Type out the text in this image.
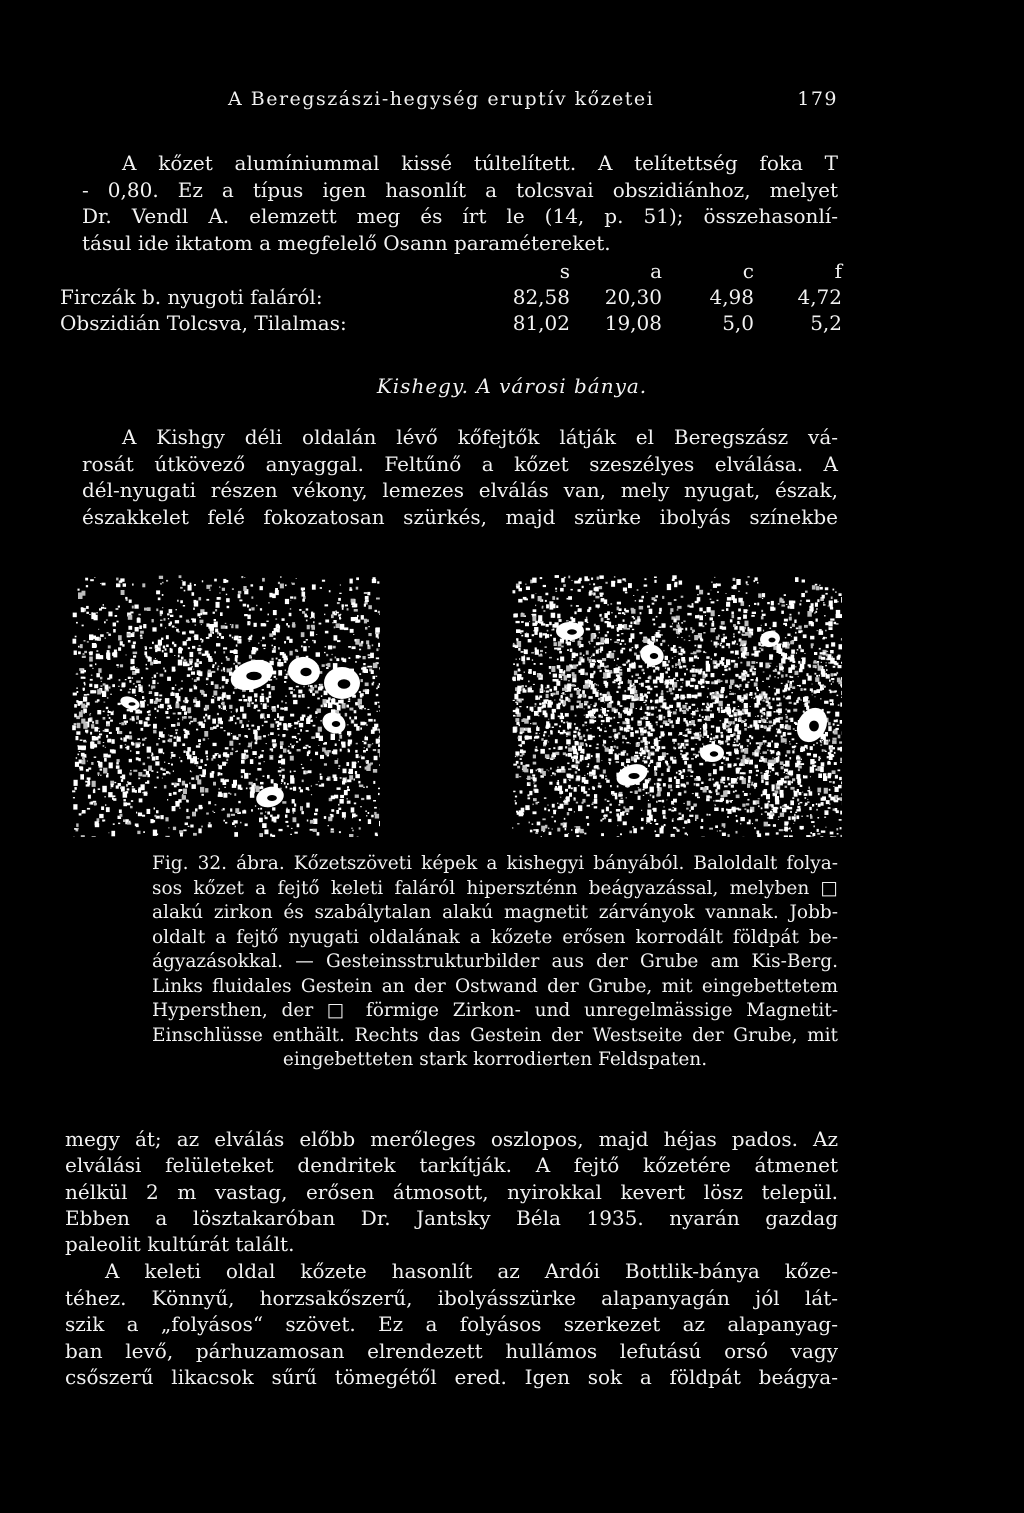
A Beregszászi-hegység eruptív kőzetei	179

A kőzet alumíniummal kissé túltelített. A telítettség foka T

- 0,80. Ez a típus igen hasonlít a tolcsvai obszidiánhoz, melyet

Dr. Vendl A. elemzett meg és írt le (14, p. 51); összehasonlí-

tásul ide iktatom a megfelelő Osann paramétereket.

	s	a	c	f
Firczák b. nyugoti faláról:	82,58	20,30	4,98	4,72
Obszidián Tolcsva, Tilalmas:	81,02	19,08	5,0	5,2
Kishegy. A városi bánya.

A Kishgy déli oldalán lévő kőfejtők látják el Beregszász vá-

rosát útkövező anyaggal. Feltűnő a kőzet szeszélyes elválása. A

dél-nyugati részen vékony, lemezes elválás van, mely nyugat, észak,

északkelet felé fokozatosan szürkés, majd szürke ibolyás színekbe

Fig. 32. ábra. Kőzetszöveti képek a kishegyi bányából. Baloldalt folya-

sos kőzet a fejtő keleti faláról hiperszténn beágyazással, melyben □

alakú zirkon és szabálytalan alakú magnetit zárványok vannak. Jobb-

oldalt a fejtő nyugati oldalának a kőzete erősen korrodált földpát be-

ágyazásokkal. — Gesteinsstrukturbilder aus der Grube am Kis-Berg.

Links fluidales Gestein an der Ostwand der Grube, mit eingebettetem

Hypersthen, der □ förmige Zirkon- und unregelmässige Magnetit-

Einschlüsse enthält. Rechts das Gestein der Westseite der Grube, mit

eingebetteten stark korrodierten Feldspaten.

megy át; az elválás előbb merőleges oszlopos, majd héjas pados. Az

elválási felületeket dendritek tarkítják. A fejtő kőzetére átmenet

nélkül 2 m vastag, erősen átmosott, nyirokkal kevert lösz települ.

Ebben a lösztakaróban Dr. Jantsky Béla 1935. nyarán gazdag

paleolit kultúrát talált.

A keleti oldal kőzete hasonlít az Ardói Bottlik-bánya kőze-

téhez. Könnyű, horzsakőszerű, ibolyásszürke alapanyagán jól lát-

szik a „folyásos“ szövet. Ez a folyásos szerkezet az alapanyag-

ban levő, párhuzamosan elrendezett hullámos lefutású orsó vagy

csőszerű likacsok sűrű tömegétől ered. Igen sok a földpát beágya-
